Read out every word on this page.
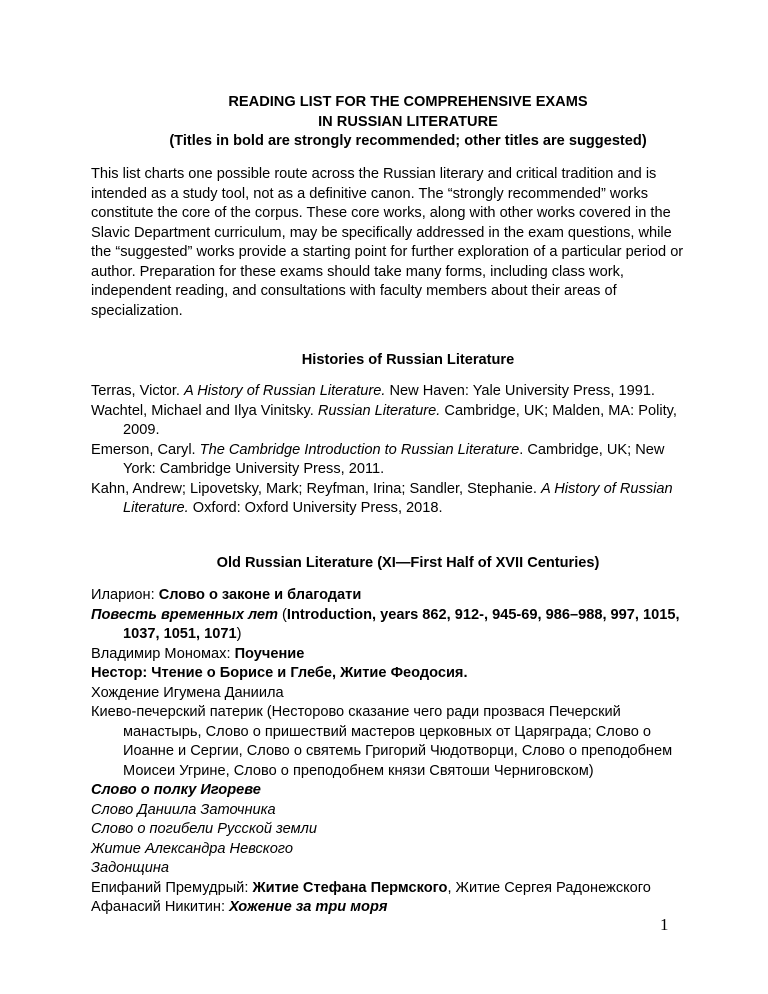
READING LIST FOR THE COMPREHENSIVE EXAMS
IN RUSSIAN LITERATURE
(Titles in bold are strongly recommended; other titles are suggested)
This list charts one possible route across the Russian literary and critical tradition and is intended as a study tool, not as a definitive canon. The “strongly recommended” works constitute the core of the corpus. These core works, along with other works covered in the Slavic Department curriculum, may be specifically addressed in the exam questions, while the “suggested” works provide a starting point for further exploration of a particular period or author. Preparation for these exams should take many forms, including class work, independent reading, and consultations with faculty members about their areas of specialization.
Histories of Russian Literature
Terras, Victor. A History of Russian Literature. New Haven: Yale University Press, 1991.
Wachtel, Michael and Ilya Vinitsky. Russian Literature. Cambridge, UK; Malden, MA: Polity, 2009.
Emerson, Caryl. The Cambridge Introduction to Russian Literature. Cambridge, UK; New York: Cambridge University Press, 2011.
Kahn, Andrew; Lipovetsky, Mark; Reyfman, Irina; Sandler, Stephanie. A History of Russian Literature. Oxford: Oxford University Press, 2018.
Old Russian Literature (XI—First Half of XVII Centuries)
Иларион: Слово о законе и благодати
Повесть временных лет (Introduction, years 862, 912-, 945-69, 986–988, 997, 1015, 1037, 1051, 1071)
Владимир Мономах: Поучение
Нестор: Чтение о Борисе и Глебе, Житие Феодосия.
Хождение Игумена Даниила
Киево-печерский патерик (Несторово сказание чего ради прозвася Печерский манастырь, Слово о пришествий мастеров церковных от Царяграда; Слово о Иоанне и Сергии, Слово о святемь Григорий Чюдотворци, Слово о преподобнем Моисеи Угрине, Слово о преподобнем князи Святоши Черниговском)
Слово о полку Игореве
Слово Даниила Заточника
Слово о погибели Русской земли
Житие Александра Невского
Задонщина
Епифаний Премудрый: Житие Стефана Пермского, Житие Сергея Радонежского
Афанасий Никитин: Хожение за три моря
1
